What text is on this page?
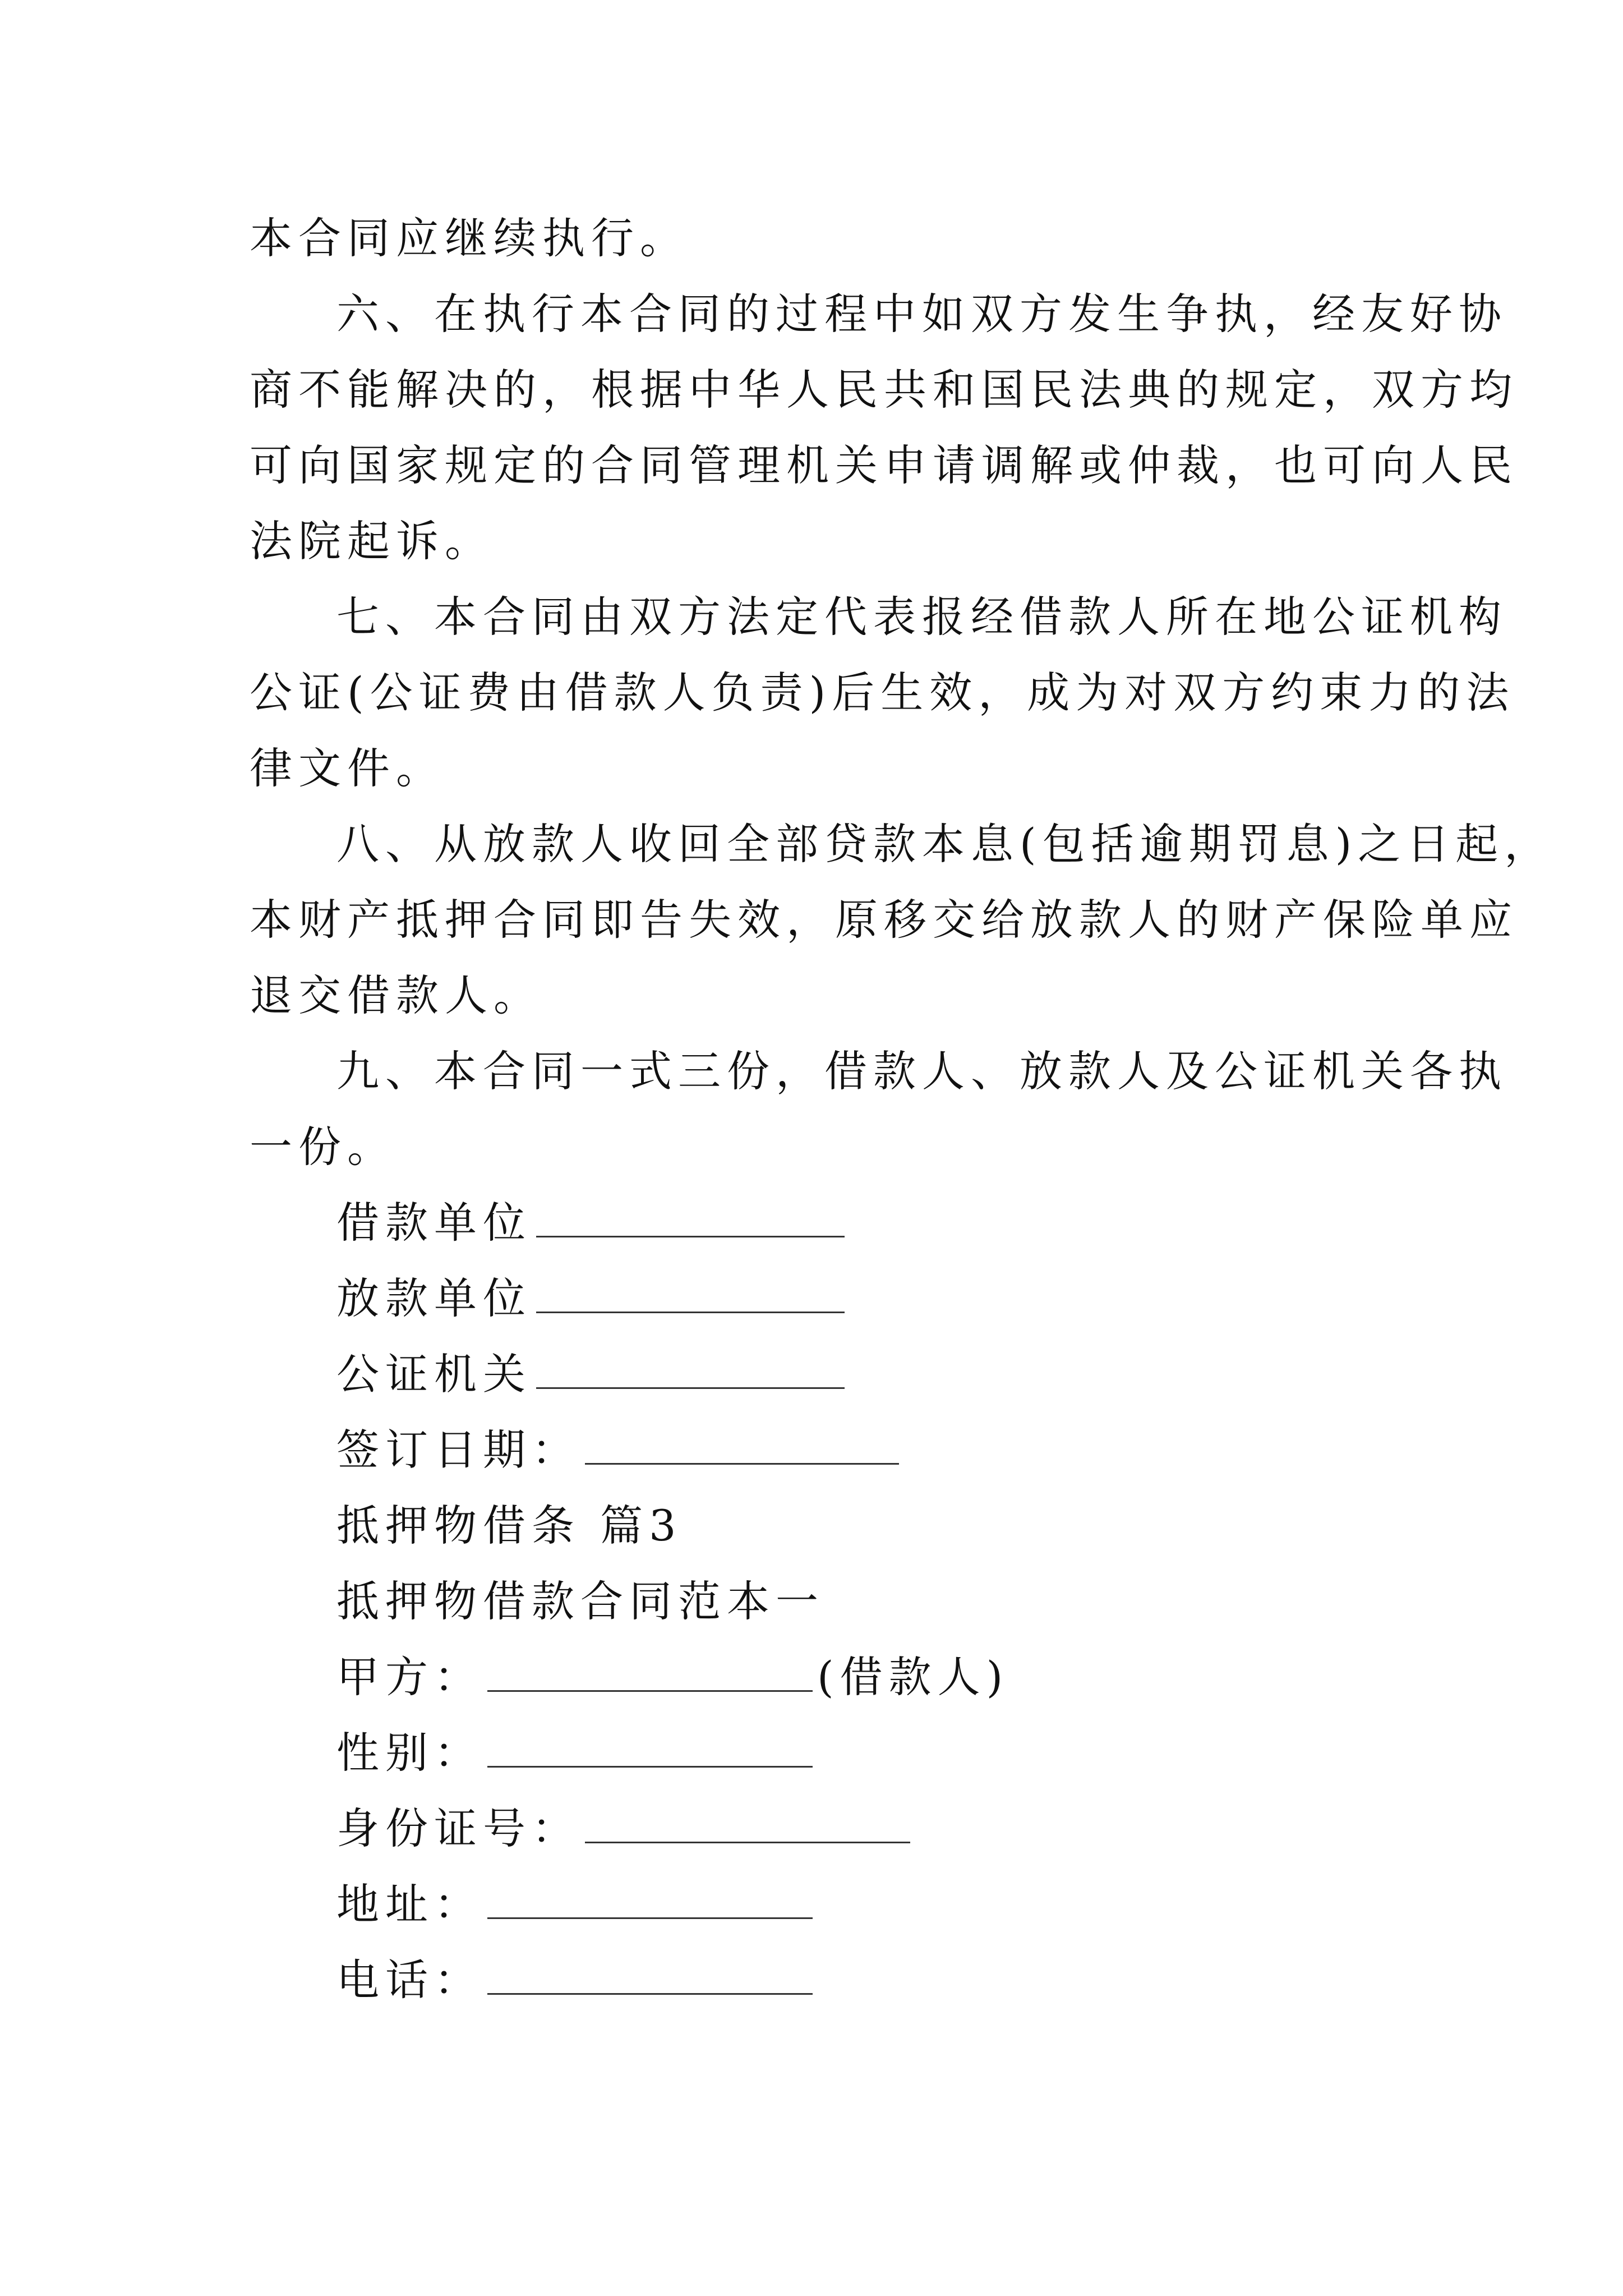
本合同应继续执行。
六、在执行本合同的过程中如双方发生争执，经友好协
商不能解决的，根据中华人民共和国民法典的规定，双方均
可向国家规定的合同管理机关申请调解或仲裁，也可向人民
法院起诉。
七、本合同由双方法定代表报经借款人所在地公证机构
公证(公证费由借款人负责)后生效，成为对双方约束力的法
律文件。
八、从放款人收回全部贷款本息(包括逾期罚息)之日起，
本财产抵押合同即告失效，原移交给放款人的财产保险单应
退交借款人。
九、本合同一式三份，借款人、放款人及公证机关各执
一份。
借款单位
放款单位
公证机关
签订日期：
抵押物借条 篇3
抵押物借款合同范本一
甲方：	(借款人)
性别：
身份证号：
地址：
电话：
